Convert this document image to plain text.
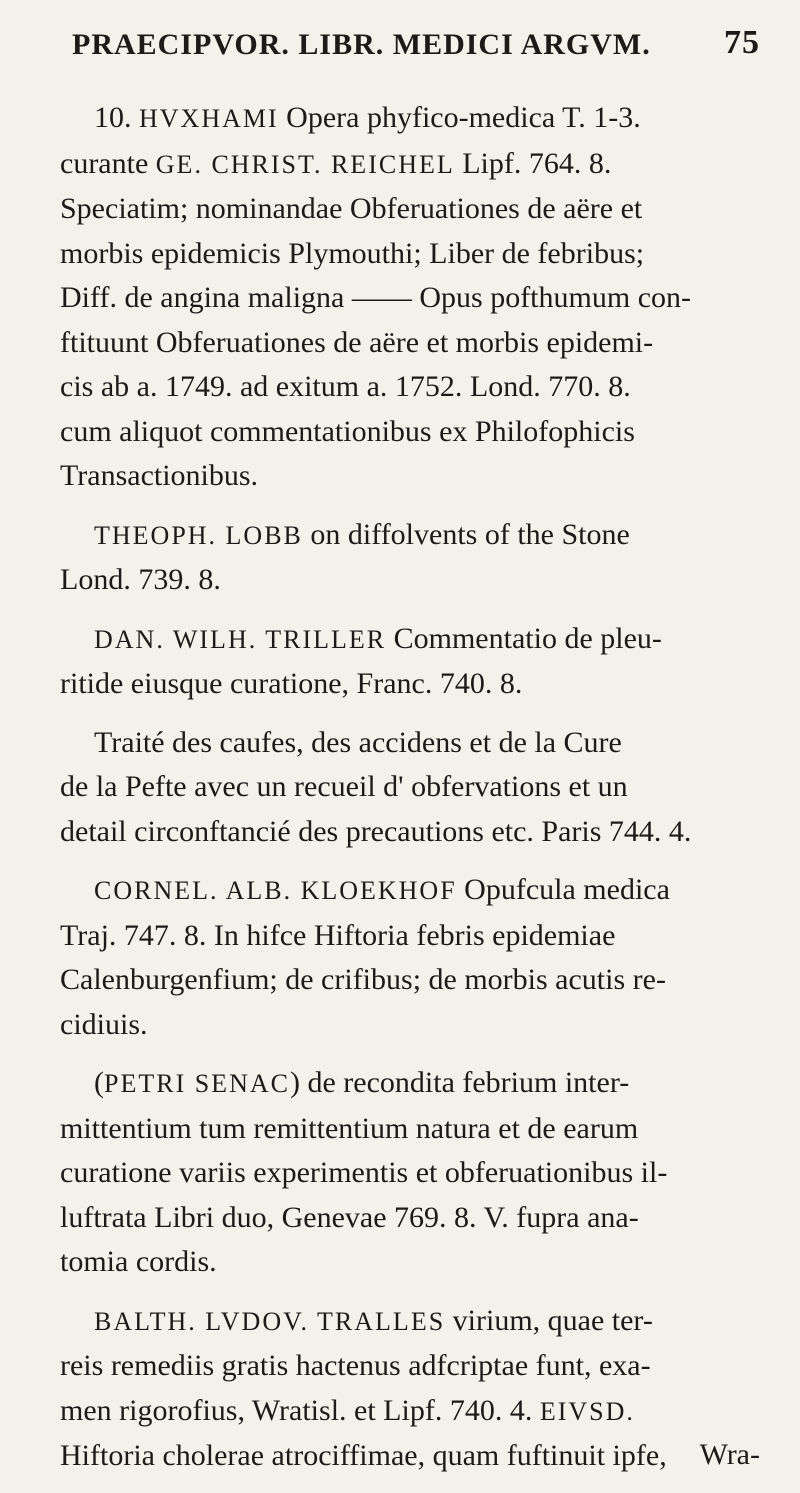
PRAECIPVOR. LIBR. MEDICI ARGVM. 75
10. HVXHAMI Opera phyfico-medica T. 1-3.
curante GE. CHRIST. REICHEL Lipf. 764. 8.
Speciatim; nominandae Obferuationes de aëre et
morbis epidemicis Plymouthi; Liber de febribus;
Diff. de angina maligna —— Opus pofthumum con-
ftituunt Obferuationes de aëre et morbis epidemi-
cis ab a. 1749. ad exitum a. 1752. Lond. 770. 8.
cum aliquot commentationibus ex Philofophicis
Transactionibus.
THEOPH. LOBB on diffolvents of the Stone
Lond. 739. 8.
DAN. WILH. TRILLER Commentatio de pleu-
ritide eiusque curatione, Franc. 740. 8.
Traité des caufes, des accidens et de la Cure
de la Pefte avec un recueil d' obfervations et un
detail circonftancié des precautions etc. Paris 744. 4.
CORNEL. ALB. KLOEKHOF Opufcula medica
Traj. 747. 8. In hifce Hiftoria febris epidemiae
Calenburgenfium; de crifibus; de morbis acutis re-
cidiuis.
(PETRI SENAC) de recondita febrium inter-
mittentium tum remittentium natura et de earum
curatione variis experimentis et obferuationibus il-
luftrata Libri duo, Genevae 769. 8. V. fupra ana-
tomia cordis.
BALTH. LVDOV. TRALLES virium, quae ter-
reis remediis gratis hactenus adfcriptae funt, exa-
men rigorofius, Wratisl. et Lipf. 740. 4. EIVSD.
Hiftoria cholerae atrociffimae, quam fuftinuit ipfe,	Wra-
